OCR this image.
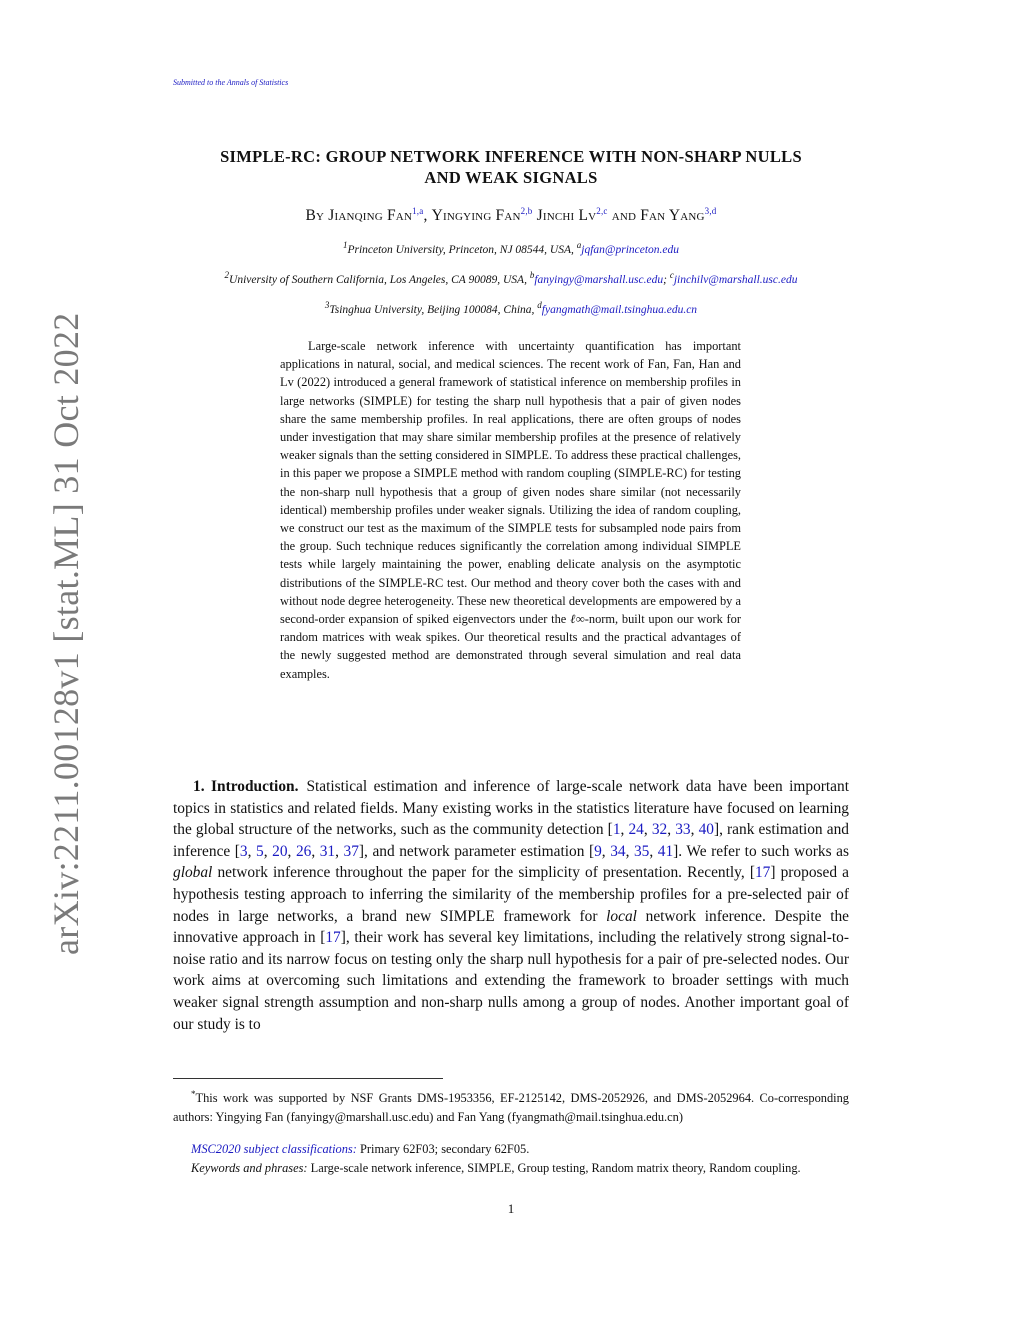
Submitted to the Annals of Statistics
arXiv:2211.00128v1 [stat.ML] 31 Oct 2022
SIMPLE-RC: GROUP NETWORK INFERENCE WITH NON-SHARP NULLS
AND WEAK SIGNALS
By Jianqing Fan$^{1,a}$, Yingying Fan$^{2,b}$ Jinchi Lv$^{2,c}$ and Fan Yang$^{3,d}$
$^1$Princeton University, Princeton, NJ 08544, USA, $^a$jqfan@princeton.edu
$^2$University of Southern California, Los Angeles, CA 90089, USA, $^b$fanyingy@marshall.usc.edu; $^c$jinchilv@marshall.usc.edu
$^3$Tsinghua University, Beijing 100084, China, $^d$fyangmath@mail.tsinghua.edu.cn

Large-scale network inference with uncertainty quantification has important applications in natural, social, and medical sciences. The recent work of Fan, Fan, Han and Lv (2022) introduced a general framework of statistical inference on membership profiles in large networks (SIMPLE) for testing the sharp null hypothesis that a pair of given nodes share the same membership profiles. In real applications, there are often groups of nodes under investigation that may share similar membership profiles at the presence of relatively weaker signals than the setting considered in SIMPLE. To address these practical challenges, in this paper we propose a SIMPLE method with random coupling (SIMPLE-RC) for testing the non-sharp null hypothesis that a group of given nodes share similar (not necessarily identical) membership profiles under weaker signals. Utilizing the idea of random coupling, we construct our test as the maximum of the SIMPLE tests for subsampled node pairs from the group. Such technique reduces significantly the correlation among individual SIMPLE tests while largely maintaining the power, enabling delicate analysis on the asymptotic distributions of the SIMPLE-RC test. Our method and theory cover both the cases with and without node degree heterogeneity. These new theoretical developments are empowered by a second-order expansion of spiked eigenvectors under the ℓ∞-norm, built upon our work for random matrices with weak spikes. Our theoretical results and the practical advantages of the newly suggested method are demonstrated through several simulation and real data examples.

1. Introduction. Statistical estimation and inference of large-scale network data have been important topics in statistics and related fields. Many existing works in the statistics literature have focused on learning the global structure of the networks, such as the community detection [1, 24, 32, 33, 40], rank estimation and inference [3, 5, 20, 26, 31, 37], and network parameter estimation [9, 34, 35, 41]. We refer to such works as global network inference throughout the paper for the simplicity of presentation. Recently, [17] proposed a hypothesis testing approach to inferring the similarity of the membership profiles for a pre-selected pair of nodes in large networks, a brand new SIMPLE framework for local network inference. Despite the innovative approach in [17], their work has several key limitations, including the relatively strong signal-to-noise ratio and its narrow focus on testing only the sharp null hypothesis for a pair of pre-selected nodes. Our work aims at overcoming such limitations and extending the framework to broader settings with much weaker signal strength assumption and non-sharp nulls among a group of nodes. Another important goal of our study is to

*This work was supported by NSF Grants DMS-1953356, EF-2125142, DMS-2052926, and DMS-2052964. Co-corresponding authors: Yingying Fan (fanyingy@marshall.usc.edu) and Fan Yang (fyangmath@mail.tsinghua.edu.cn)
MSC2020 subject classifications: Primary 62F03; secondary 62F05.
Keywords and phrases: Large-scale network inference, SIMPLE, Group testing, Random matrix theory, Random coupling.
1
